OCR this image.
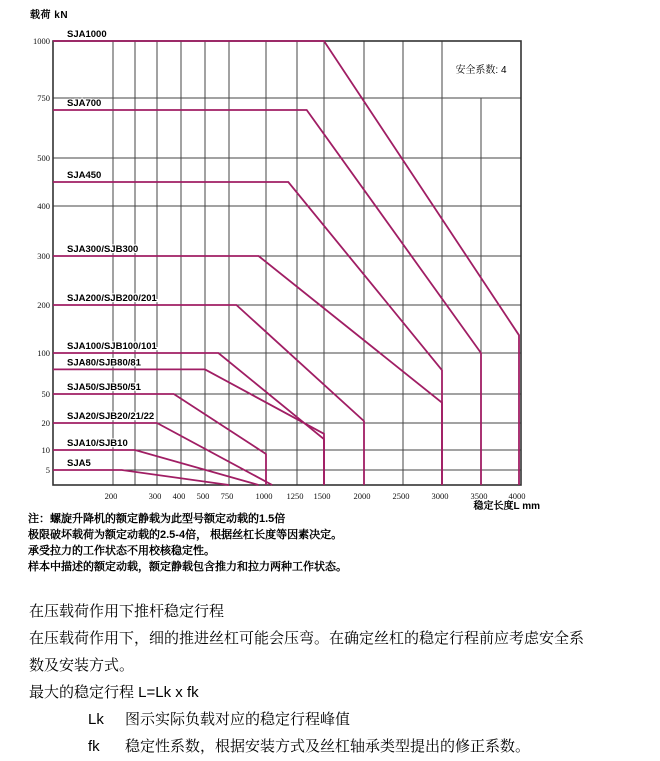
载荷 kN
SJA1000
SJA700
SJA450
SJA300/SJB300
SJA200/SJB200/201
SJA100/SJB100/101
SJA80/SJB80/81
SJA50/SJB50/51
SJA20/SJB20/21/22
SJA10/SJB10
SJA5
1000
750
500
400
300
200
100
50
20
10
5
200	300 400 500 750	1000 1250 1500	2000	2500	3000	3500 4000
安全系数: 4
稳定长度L mm
注：螺旋升降机的额定静载为此型号额定动载的1.5倍
极限破坏载荷为额定动载的2.5-4倍， 根据丝杠长度等因素决定。
承受拉力的工作状态不用校核稳定性。
样本中描述的额定动载，额定静载包含推力和拉力两种工作状态。
在压载荷作用下推杆稳定行程
在压载荷作用下，细的推进丝杠可能会压弯。在确定丝杠的稳定行程前应考虑安全系
数及安装方式。
最大的稳定行程 L=Lk x fk
Lk 图示实际负载对应的稳定行程峰值
fk 稳定性系数，根据安装方式及丝杠轴承类型提出的修正系数。
